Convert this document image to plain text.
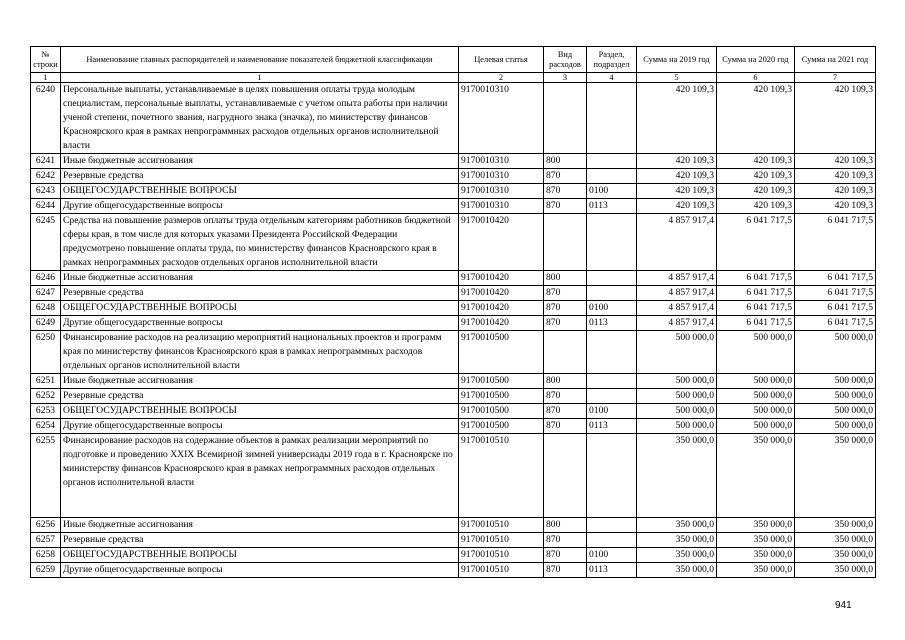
№ строки	Наименование главных распорядителей и наименование показателей бюджетной классификации	Целевая статья	Вид расходов	Раздел, подраздел	Сумма на 2019 год	Сумма на 2020 год	Сумма на 2021 год
1	1	2	3	4	5	6	7
6240	Персональные выплаты, устанавливаемые в целях повышения оплаты труда молодым специалистам, персональные выплаты, устанавливаемые с учетом опыта работы при наличии ученой степени, почетного звания, нагрудного знака (значка), по министерству финансов Красноярского края в рамках непрограммных расходов отдельных органов исполнительной власти	9170010310			420 109,3	420 109,3	420 109,3
6241	Иные бюджетные ассигнования	9170010310	800		420 109,3	420 109,3	420 109,3
6242	Резервные средства	9170010310	870		420 109,3	420 109,3	420 109,3
6243	ОБЩЕГОСУДАРСТВЕННЫЕ ВОПРОСЫ	9170010310	870	0100	420 109,3	420 109,3	420 109,3
6244	Другие общегосударственные вопросы	9170010310	870	0113	420 109,3	420 109,3	420 109,3
6245	Средства на повышение размеров оплаты труда отдельным категориям работников бюджетной сферы края, в том числе для которых указами Президента Российской Федерации предусмотрено повышение оплаты труда, по министерству финансов Красноярского края в рамках непрограммных расходов отдельных органов исполнительной власти	9170010420			4 857 917,4	6 041 717,5	6 041 717,5
6246	Иные бюджетные ассигнования	9170010420	800		4 857 917,4	6 041 717,5	6 041 717,5
6247	Резервные средства	9170010420	870		4 857 917,4	6 041 717,5	6 041 717,5
6248	ОБЩЕГОСУДАРСТВЕННЫЕ ВОПРОСЫ	9170010420	870	0100	4 857 917,4	6 041 717,5	6 041 717,5
6249	Другие общегосударственные вопросы	9170010420	870	0113	4 857 917,4	6 041 717,5	6 041 717,5
6250	Финансирование расходов на реализацию мероприятий национальных проектов и программ края по министерству финансов Красноярского края в рамках непрограммных расходов отдельных органов исполнительной власти	9170010500			500 000,0	500 000,0	500 000,0
6251	Иные бюджетные ассигнования	9170010500	800		500 000,0	500 000,0	500 000,0
6252	Резервные средства	9170010500	870		500 000,0	500 000,0	500 000,0
6253	ОБЩЕГОСУДАРСТВЕННЫЕ ВОПРОСЫ	9170010500	870	0100	500 000,0	500 000,0	500 000,0
6254	Другие общегосударственные вопросы	9170010500	870	0113	500 000,0	500 000,0	500 000,0
6255	Финансирование расходов на содержание объектов в рамках реализации мероприятий по подготовке и проведению XXIX Всемирной зимней универсиады 2019 года в г. Красноярске по министерству финансов Красноярского края в рамках непрограммных расходов отдельных органов исполнительной власти	9170010510			350 000,0	350 000,0	350 000,0
6256	Иные бюджетные ассигнования	9170010510	800		350 000,0	350 000,0	350 000,0
6257	Резервные средства	9170010510	870		350 000,0	350 000,0	350 000,0
6258	ОБЩЕГОСУДАРСТВЕННЫЕ ВОПРОСЫ	9170010510	870	0100	350 000,0	350 000,0	350 000,0
6259	Другие общегосударственные вопросы	9170010510	870	0113	350 000,0	350 000,0	350 000,0
941
